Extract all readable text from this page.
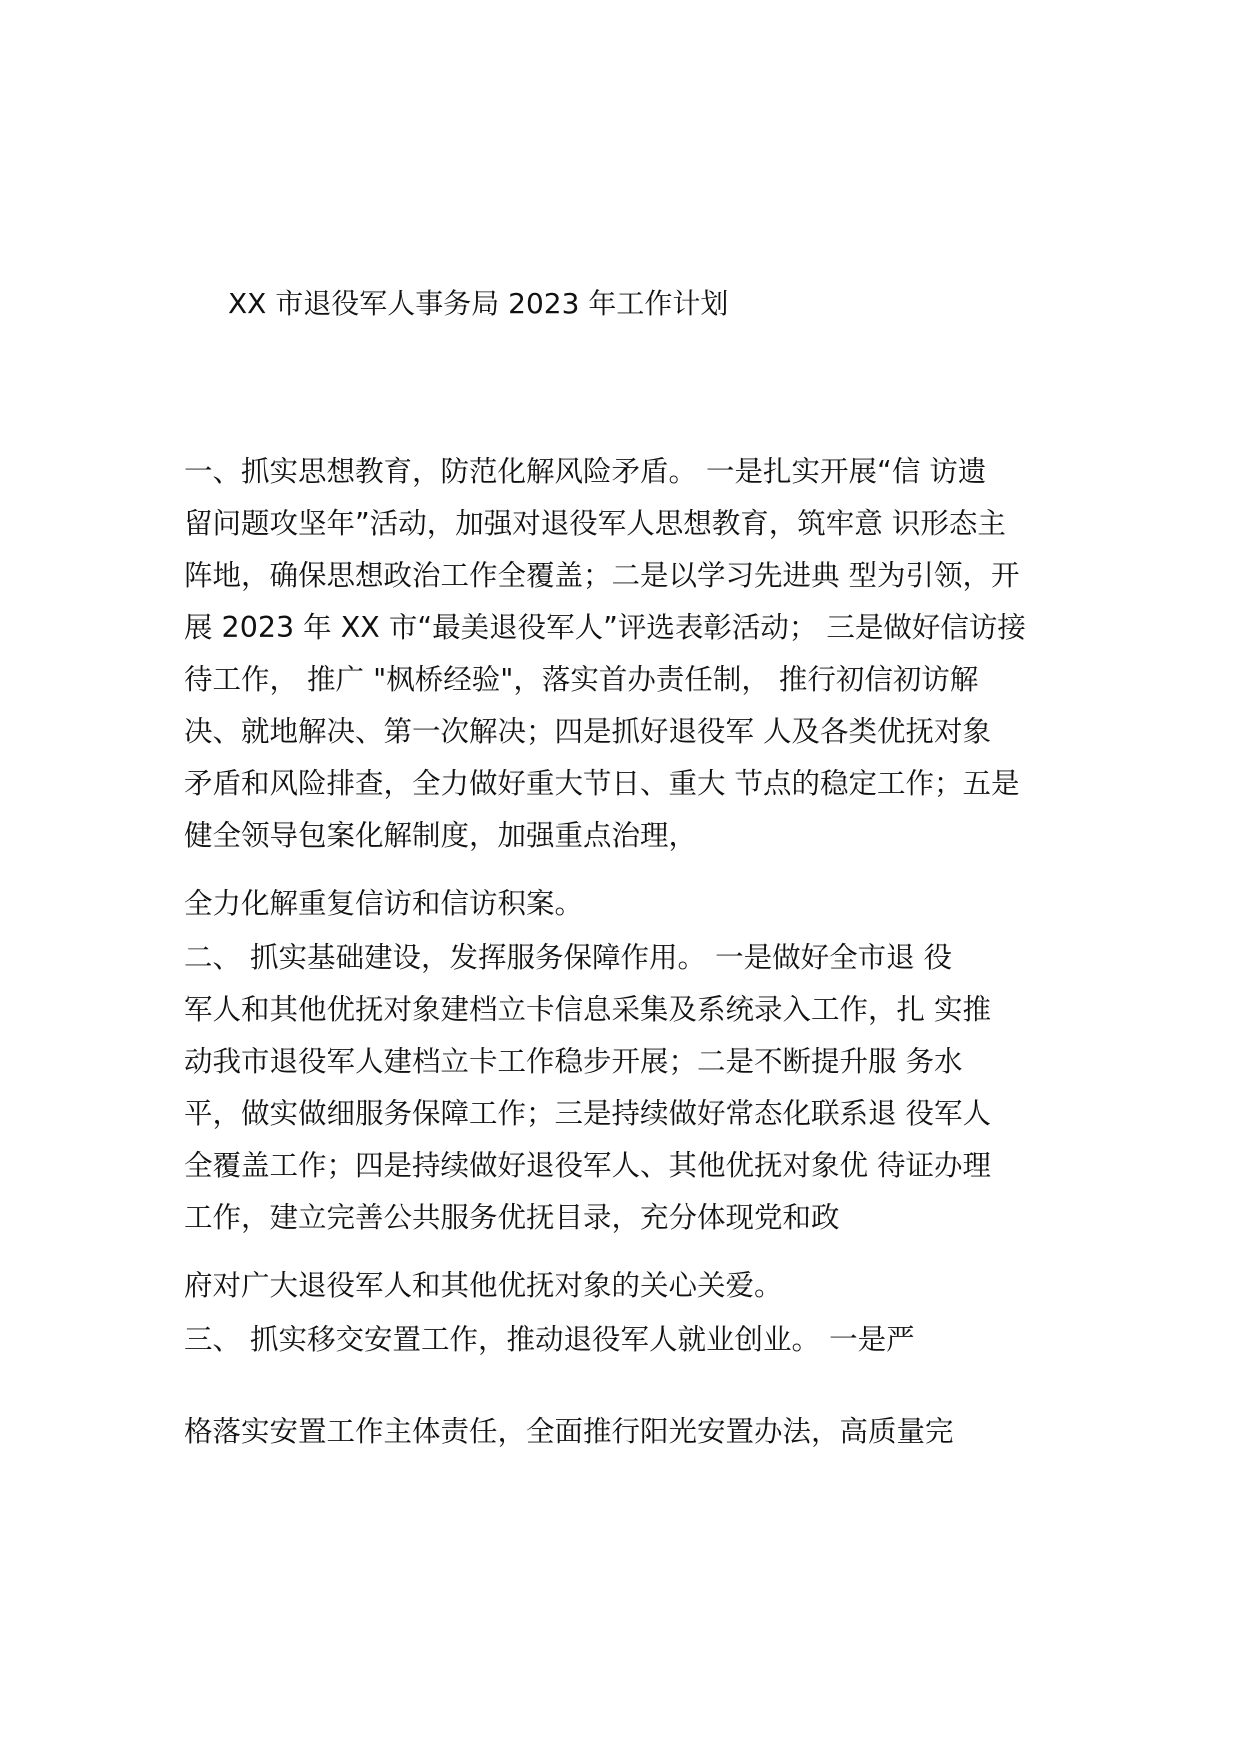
XX 市退役军人事务局 2023 年工作计划
一、抓实思想教育，防范化解风险矛盾。 一是扎实开展“信 访遗
留问题攻坚年”活动，加强对退役军人思想教育，筑牢意 识形态主
阵地，确保思想政治工作全覆盖；二是以学习先进典 型为引领，开
展 2023 年 XX 市“最美退役军人”评选表彰活动； 三是做好信访接
待工作， 推广 "枫桥经验"，落实首办责任制， 推行初信初访解
决、就地解决、第一次解决；四是抓好退役军 人及各类优抚对象
矛盾和风险排查，全力做好重大节日、重大 节点的稳定工作；五是
健全领导包案化解制度，加强重点治理，
全力化解重复信访和信访积案。
二、 抓实基础建设，发挥服务保障作用。 一是做好全市退 役
军人和其他优抚对象建档立卡信息采集及系统录入工作，扎 实推
动我市退役军人建档立卡工作稳步开展；二是不断提升服 务水
平，做实做细服务保障工作；三是持续做好常态化联系退 役军人
全覆盖工作；四是持续做好退役军人、其他优抚对象优 待证办理
工作，建立完善公共服务优抚目录，充分体现党和政
府对广大退役军人和其他优抚对象的关心关爱。
三、 抓实移交安置工作，推动退役军人就业创业。 一是严
格落实安置工作主体责任，全面推行阳光安置办法，高质量完
